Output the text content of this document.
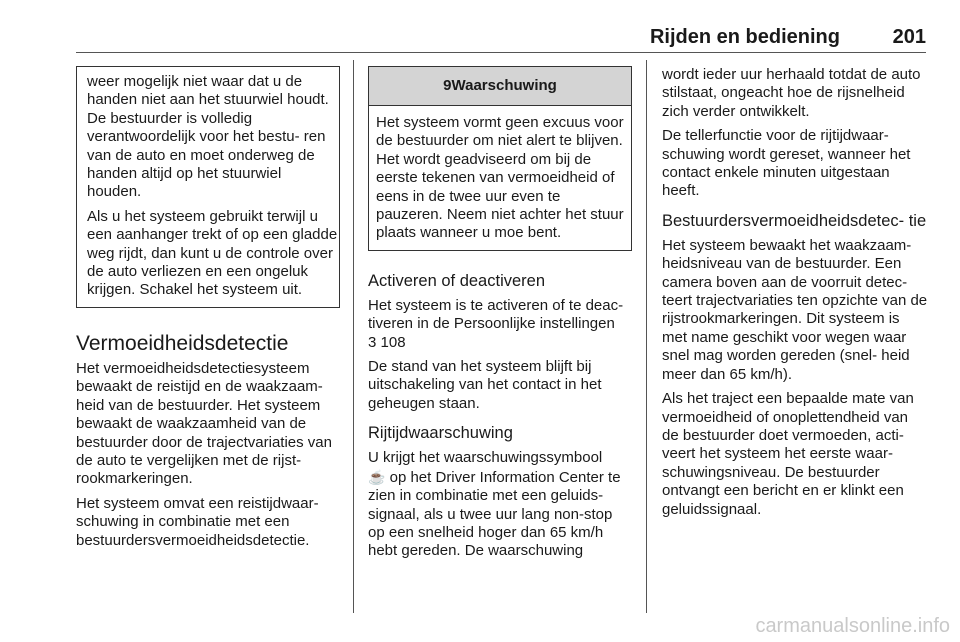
Rijden en bediening	201

weer mogelijk niet waar dat u de handen niet aan het stuurwiel houdt. De bestuurder is volledig verantwoordelijk voor het bestu- ren van de auto en moet onderweg de handen altijd op het stuurwiel houden.

Als u het systeem gebruikt terwijl u een aanhanger trekt of op een gladde weg rijdt, dan kunt u de controle over de auto verliezen en een ongeluk krijgen. Schakel het systeem uit.

Vermoeidheidsdetectie

Het vermoeidheidsdetectiesysteem bewaakt de reistijd en de waakzaam- heid van de bestuurder. Het systeem bewaakt de waakzaamheid van de bestuurder door de trajectvariaties van de auto te vergelijken met de rijst- rookmarkeringen.

Het systeem omvat een reistijdwaar- schuwing in combinatie met een bestuurdersvermoeidheidsdetectie.

9Waarschuwing
Het systeem vormt geen excuus voor de bestuurder om niet alert te blijven. Het wordt geadviseerd om bij de eerste tekenen van vermoeidheid of eens in de twee uur even te pauzeren. Neem niet achter het stuur plaats wanneer u moe bent.
Activeren of deactiveren

Het systeem is te activeren of te deac- tiveren in de Persoonlijke instellingen
3 108

De stand van het systeem blijft bij uitschakeling van het contact in het geheugen staan.

Rijtijdwaarschuwing

U krijgt het waarschuwingssymbool
☕ op het Driver Information Center te zien in combinatie met een geluids- signaal, als u twee uur lang non-stop op een snelheid hoger dan 65 km/h hebt gereden. De waarschuwing

wordt ieder uur herhaald totdat de auto stilstaat, ongeacht hoe de rijsnelheid zich verder ontwikkelt.

De tellerfunctie voor de rijtijdwaar- schuwing wordt gereset, wanneer het contact enkele minuten uitgestaan heeft.

Bestuurdersvermoeidheidsdetec- tie

Het systeem bewaakt het waakzaam- heidsniveau van de bestuurder. Een camera boven aan de voorruit detec- teert trajectvariaties ten opzichte van de rijstrookmarkeringen. Dit systeem is met name geschikt voor wegen waar snel mag worden gereden (snel- heid meer dan 65 km/h).

Als het traject een bepaalde mate van vermoeidheid of onoplettendheid van de bestuurder doet vermoeden, acti- veert het systeem het eerste waar- schuwingsniveau. De bestuurder ontvangt een bericht en er klinkt een geluidssignaal.

carmanualsonline.info
